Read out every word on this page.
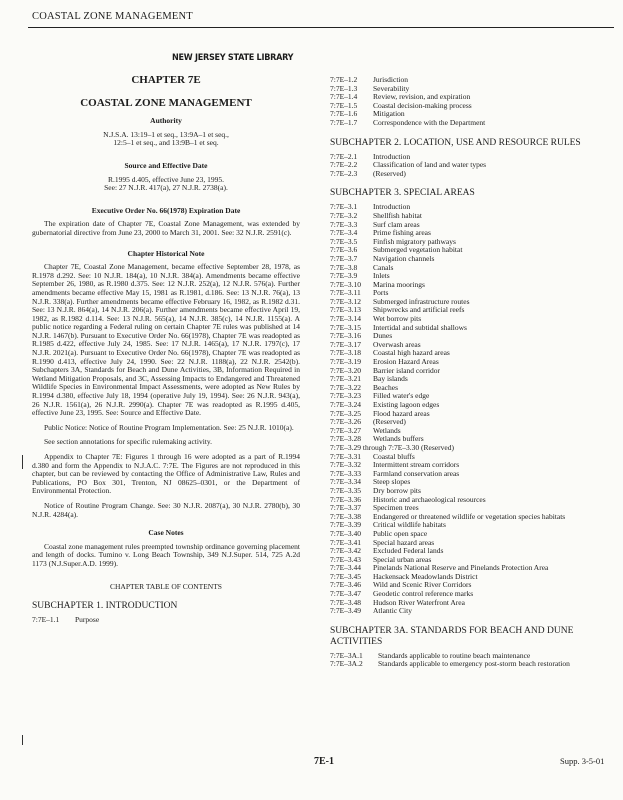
COASTAL ZONE MANAGEMENT
NEW JERSEY STATE LIBRARY
CHAPTER 7E
COASTAL ZONE MANAGEMENT
Authority
N.J.S.A. 13:19–1 et seq., 13:9A–1 et seq.,
12:5–1 et seq., and 13:9B–1 et seq.
Source and Effective Date
R.1995 d.405, effective June 23, 1995.
See: 27 N.J.R. 417(a), 27 N.J.R. 2738(a).
Executive Order No. 66(1978) Expiration Date

The expiration date of Chapter 7E, Coastal Zone Management, was extended by gubernatorial directive from June 23, 2000 to March 31, 2001. See: 32 N.J.R. 2591(c).

Chapter Historical Note

Chapter 7E, Coastal Zone Management, became effective September 28, 1978, as R.1978 d.292. See: 10 N.J.R. 184(a), 10 N.J.R. 384(a). Amendments became effective September 26, 1980, as R.1980 d.375. See: 12 N.J.R. 252(a), 12 N.J.R. 576(a). Further amendments became effective May 15, 1981 as R.1981, d.186. See: 13 N.J.R. 76(a), 13 N.J.R. 338(a). Further amendments became effective February 16, 1982, as R.1982 d.31. See: 13 N.J.R. 864(a), 14 N.J.R. 206(a). Further amendments became effective April 19, 1982, as R.1982 d.114. See: 13 N.J.R. 565(a), 14 N.J.R. 385(c), 14 N.J.R. 1155(a). A public notice regarding a Federal ruling on certain Chapter 7E rules was published at 14 N.J.R. 1467(b). Pursuant to Executive Order No. 66(1978), Chapter 7E was readopted as R.1985 d.422, effective July 24, 1985. See: 17 N.J.R. 1465(a), 17 N.J.R. 1797(c), 17 N.J.R. 2021(a). Pursuant to Executive Order No. 66(1978), Chapter 7E was readopted as R.1990 d.413, effective July 24, 1990. See: 22 N.J.R. 1188(a), 22 N.J.R. 2542(b). Subchapters 3A, Standards for Beach and Dune Activities, 3B, Information Required in Wetland Mitigation Proposals, and 3C, Assessing Impacts to Endangered and Threatened Wildlife Species in Environmental Impact Assessments, were adopted as New Rules by R.1994 d.380, effective July 18, 1994 (operative July 19, 1994). See: 26 N.J.R. 943(a), 26 N.J.R. 1561(a), 26 N.J.R. 2990(a). Chapter 7E was readopted as R.1995 d.405, effective June 23, 1995. See: Source and Effective Date.

Public Notice: Notice of Routine Program Implementation. See: 25 N.J.R. 1010(a).

See section annotations for specific rulemaking activity.

Appendix to Chapter 7E: Figures 1 through 16 were adopted as a part of R.1994 d.380 and form the Appendix to N.J.A.C. 7:7E. The Figures are not reproduced in this chapter, but can be reviewed by contacting the Office of Administrative Law, Rules and Publications, PO Box 301, Trenton, NJ 08625–0301, or the Department of Environmental Protection.

Notice of Routine Program Change. See: 30 N.J.R. 2087(a), 30 N.J.R. 2780(b), 30 N.J.R. 4284(a).

Case Notes

Coastal zone management rules preempted township ordinance governing placement and length of docks. Tumino v. Long Beach Township, 349 N.J.Super. 514, 725 A.2d 1173 (N.J.Super.A.D. 1999).

CHAPTER TABLE OF CONTENTS
SUBCHAPTER 1. INTRODUCTION
7:7E–1.1	Purpose
7:7E–1.2	Jurisdiction
7:7E–1.3	Severability
7:7E–1.4	Review, revision, and expiration
7:7E–1.5	Coastal decision-making process
7:7E–1.6	Mitigation
7:7E–1.7	Correspondence with the Department
SUBCHAPTER 2. LOCATION, USE AND RESOURCE RULES
7:7E–2.1	Introduction
7:7E–2.2	Classification of land and water types
7:7E–2.3	(Reserved)
SUBCHAPTER 3. SPECIAL AREAS
7:7E–3.1	Introduction
7:7E–3.2	Shellfish habitat
7:7E–3.3	Surf clam areas
7:7E–3.4	Prime fishing areas
7:7E–3.5	Finfish migratory pathways
7:7E–3.6	Submerged vegetation habitat
7:7E–3.7	Navigation channels
7:7E–3.8	Canals
7:7E–3.9	Inlets
7:7E–3.10	Marina moorings
7:7E–3.11	Ports
7:7E–3.12	Submerged infrastructure routes
7:7E–3.13	Shipwrecks and artificial reefs
7:7E–3.14	Wet borrow pits
7:7E–3.15	Intertidal and subtidal shallows
7:7E–3.16	Dunes
7:7E–3.17	Overwash areas
7:7E–3.18	Coastal high hazard areas
7:7E–3.19	Erosion Hazard Areas
7:7E–3.20	Barrier island corridor
7:7E–3.21	Bay islands
7:7E–3.22	Beaches
7:7E–3.23	Filled water's edge
7:7E–3.24	Existing lagoon edges
7:7E–3.25	Flood hazard areas
7:7E–3.26	(Reserved)
7:7E–3.27	Wetlands
7:7E–3.28	Wetlands buffers
7:7E–3.29 through 7:7E–3.30 (Reserved)
7:7E–3.31	Coastal bluffs
7:7E–3.32	Intermittent stream corridors
7:7E–3.33	Farmland conservation areas
7:7E–3.34	Steep slopes
7:7E–3.35	Dry borrow pits
7:7E–3.36	Historic and archaeological resources
7:7E–3.37	Specimen trees
7:7E–3.38	Endangered or threatened wildlife or vegetation species habitats
7:7E–3.39	Critical wildlife habitats
7:7E–3.40	Public open space
7:7E–3.41	Special hazard areas
7:7E–3.42	Excluded Federal lands
7:7E–3.43	Special urban areas
7:7E–3.44	Pinelands National Reserve and Pinelands Protection Area
7:7E–3.45	Hackensack Meadowlands District
7:7E–3.46	Wild and Scenic River Corridors
7:7E–3.47	Geodetic control reference marks
7:7E–3.48	Hudson River Waterfront Area
7:7E–3.49	Atlantic City
SUBCHAPTER 3A. STANDARDS FOR BEACH AND DUNE ACTIVITIES
7:7E–3A.1	Standards applicable to routine beach maintenance
7:7E–3A.2	Standards applicable to emergency post-storm beach restoration
7E-1	Supp. 3-5-01
